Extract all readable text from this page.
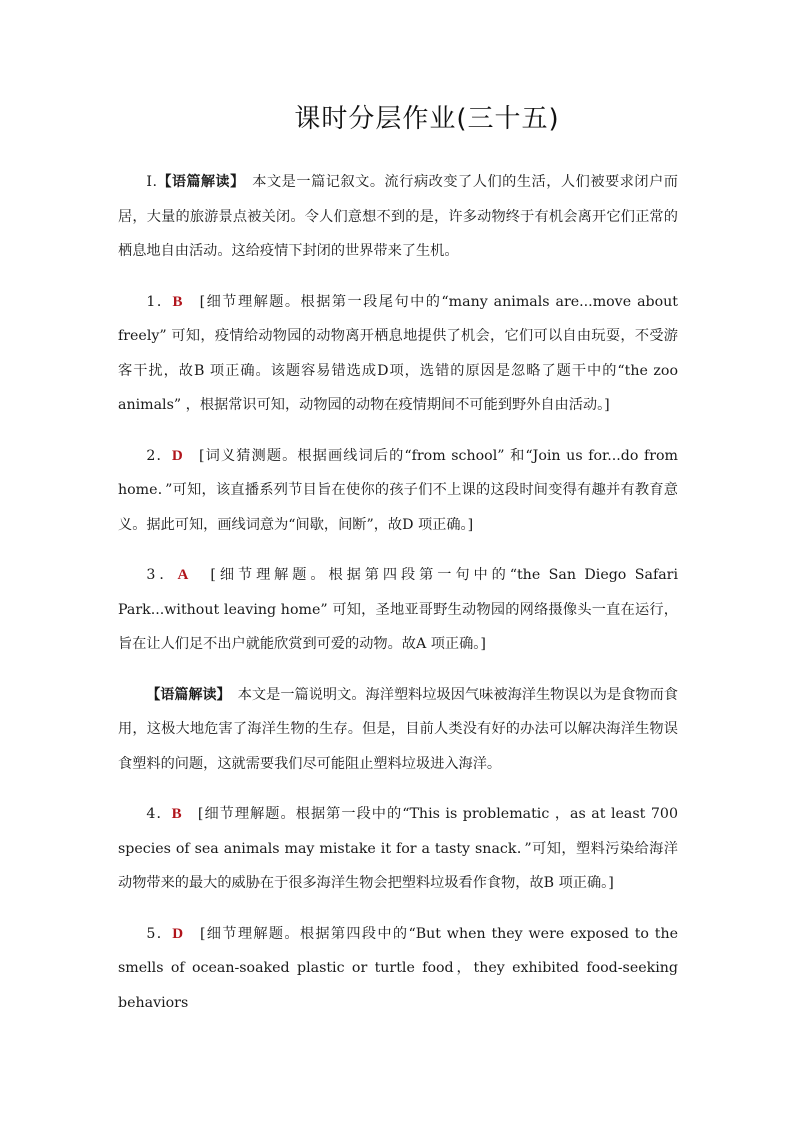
课时分层作业(三十五)

Ⅰ.【语篇解读】　本文是一篇记叙文。流行病改变了人们的生活，人们被要求闭户而居，大量的旅游景点被关闭。令人们意想不到的是，许多动物终于有机会离开它们正常的栖息地自由活动。这给疫情下封闭的世界带来了生机。

1．B　[细节理解题。根据第一段尾句中的“many animals are...move about freely” 可知，疫情给动物园的动物离开栖息地提供了机会，它们可以自由玩耍，不受游客干扰，故B 项正确。该题容易错选成D项，选错的原因是忽略了题干中的“the zoo animals” ，根据常识可知，动物园的动物在疫情期间不可能到野外自由活动。]

2．D　[词义猜测题。根据画线词后的“from school” 和“Join us for...do from home．”可知，该直播系列节目旨在使你的孩子们不上课的这段时间变得有趣并有教育意义。据此可知，画线词意为“间歇，间断”，故D 项正确。]

3．A　[细节理解题。根据第四段第一句中的“the San Diego Safari Park...without leaving home” 可知，圣地亚哥野生动物园的网络摄像头一直在运行，旨在让人们足不出户就能欣赏到可爱的动物。故A 项正确。]

【语篇解读】　本文是一篇说明文。海洋塑料垃圾因气味被海洋生物误以为是食物而食用，这极大地危害了海洋生物的生存。但是，目前人类没有好的办法可以解决海洋生物误食塑料的问题，这就需要我们尽可能阻止塑料垃圾进入海洋。

4．B　[细节理解题。根据第一段中的“This is problematic ，as at least 700 species of sea animals may mistake it for a tasty snack．”可知，塑料污染给海洋动物带来的最大的威胁在于很多海洋生物会把塑料垃圾看作食物，故B 项正确。]

5．D　[细节理解题。根据第四段中的“But when they were exposed to the smells of ocean-soaked plastic or turtle food，they exhibited food-seeking behaviors
